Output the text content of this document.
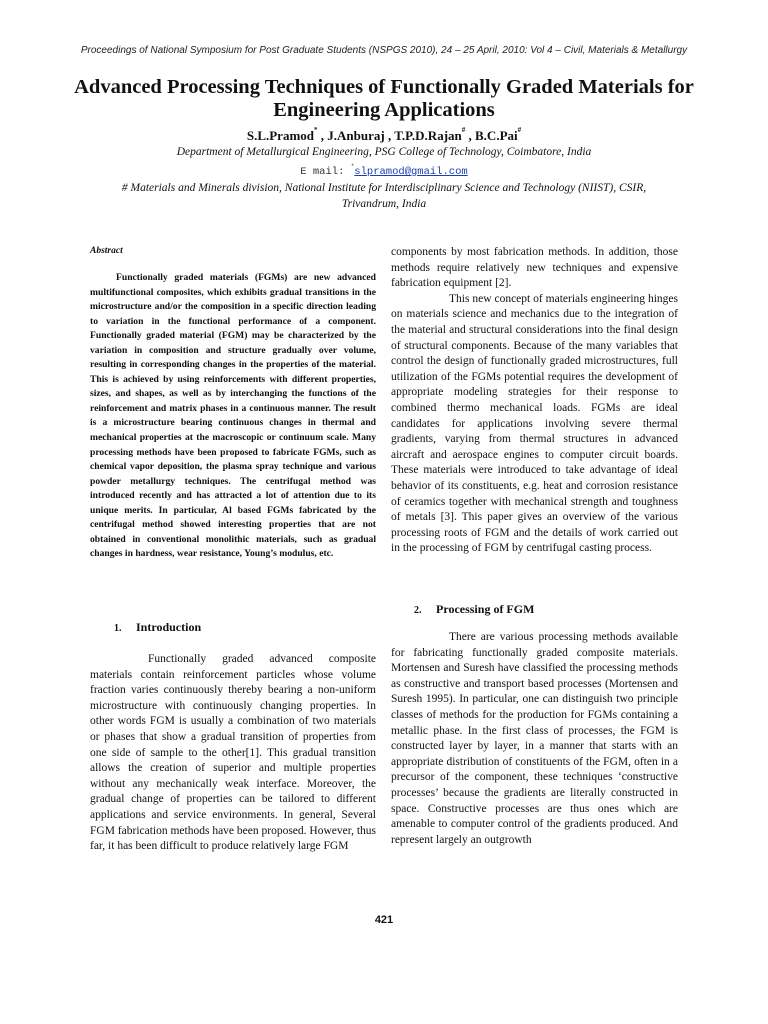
Proceedings of National Symposium for Post Graduate Students (NSPGS 2010), 24 – 25 April, 2010: Vol 4 – Civil, Materials & Metallurgy
Advanced Processing Techniques of Functionally Graded Materials for Engineering Applications
S.L.Pramod* , J.Anburaj , T.P.D.Rajan# , B.C.Pai#
Department of Metallurgical Engineering, PSG College of Technology, Coimbatore, India
E mail: *slpramod@gmail.com
# Materials and Minerals division, National Institute for Interdisciplinary Science and Technology (NIIST), CSIR, Trivandrum, India
Abstract

Functionally graded materials (FGMs) are new advanced multifunctional composites, which exhibits gradual transitions in the microstructure and/or the composition in a specific direction leading to variation in the functional performance of a component. Functionally graded material (FGM) may be characterized by the variation in composition and structure gradually over volume, resulting in corresponding changes in the properties of the material. This is achieved by using reinforcements with different properties, sizes, and shapes, as well as by interchanging the functions of the reinforcement and matrix phases in a continuous manner. The result is a microstructure bearing continuous changes in thermal and mechanical properties at the macroscopic or continuum scale. Many processing methods have been proposed to fabricate FGMs, such as chemical vapor deposition, the plasma spray technique and various powder metallurgy techniques. The centrifugal method was introduced recently and has attracted a lot of attention due to its unique merits. In particular, Al based FGMs fabricated by the centrifugal method showed interesting properties that are not obtained in conventional monolithic materials, such as gradual changes in hardness, wear resistance, Young’s modulus, etc.

1. Introduction

Functionally graded advanced composite materials contain reinforcement particles whose volume fraction varies continuously thereby bearing a non-uniform microstructure with continuously changing properties. In other words FGM is usually a combination of two materials or phases that show a gradual transition of properties from one side of sample to the other[1]. This gradual transition allows the creation of superior and multiple properties without any mechanically weak interface. Moreover, the gradual change of properties can be tailored to different applications and service environments. In general, Several FGM fabrication methods have been proposed. However, thus far, it has been difficult to produce relatively large FGM

components by most fabrication methods. In addition, those methods require relatively new techniques and expensive fabrication equipment [2].

This new concept of materials engineering hinges on materials science and mechanics due to the integration of the material and structural considerations into the final design of structural components. Because of the many variables that control the design of functionally graded microstructures, full utilization of the FGMs potential requires the development of appropriate modeling strategies for their response to combined thermo mechanical loads. FGMs are ideal candidates for applications involving severe thermal gradients, varying from thermal structures in advanced aircraft and aerospace engines to computer circuit boards. These materials were introduced to take advantage of ideal behavior of its constituents, e.g. heat and corrosion resistance of ceramics together with mechanical strength and toughness of metals [3]. This paper gives an overview of the various processing roots of FGM and the details of work carried out in the processing of FGM by centrifugal casting process.

2. Processing of FGM

There are various processing methods available for fabricating functionally graded composite materials. Mortensen and Suresh have classified the processing methods as constructive and transport based processes (Mortensen and Suresh 1995). In particular, one can distinguish two principle classes of methods for the production for FGMs containing a metallic phase. In the first class of processes, the FGM is constructed layer by layer, in a manner that starts with an appropriate distribution of constituents of the FGM, often in a precursor of the component, these techniques ‘constructive processes’ because the gradients are literally constructed in space. Constructive processes are thus ones which are amenable to computer control of the gradients produced. And represent largely an outgrowth

421
